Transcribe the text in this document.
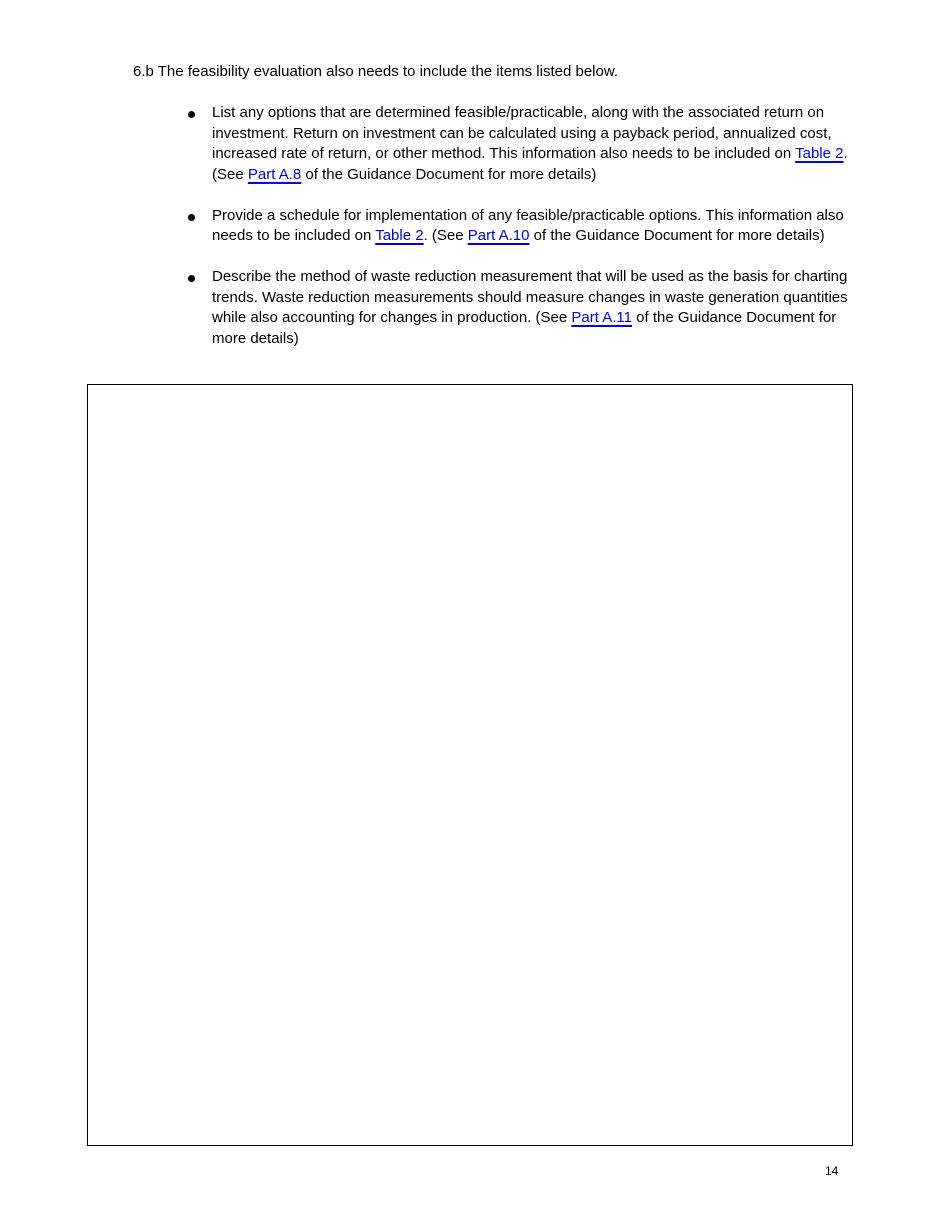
6.b The feasibility evaluation also needs to include the items listed below.
List any options that are determined feasible/practicable, along with the associated return on investment. Return on investment can be calculated using a payback period, annualized cost, increased rate of return, or other method. This information also needs to be included on Table 2. (See Part A.8 of the Guidance Document for more details)
Provide a schedule for implementation of any feasible/practicable options. This information also needs to be included on Table 2. (See Part A.10 of the Guidance Document for more details)
Describe the method of waste reduction measurement that will be used as the basis for charting trends. Waste reduction measurements should measure changes in waste generation quantities while also accounting for changes in production. (See Part A.11 of the Guidance Document for more details)
14
